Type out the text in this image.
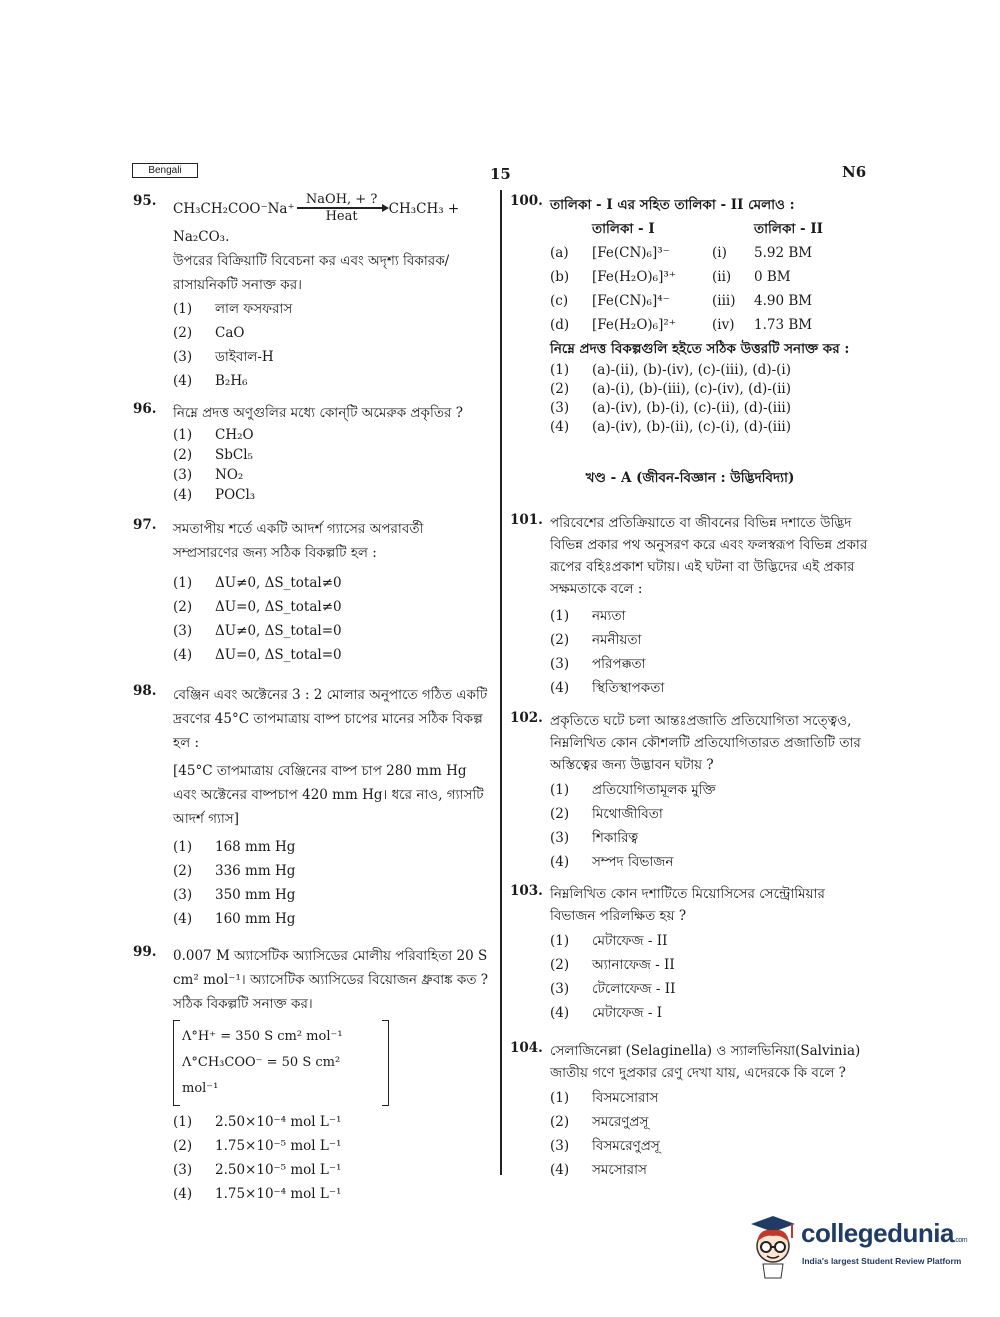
Bengali	15	N6
95. CH₃CH₂COO⁻Na⁺
NaOH, + ?
Heat CH₃CH₃ +
Na₂CO₃.
উপরের বিক্রিয়াটি বিবেচনা কর এবং অদৃশ্য বিকারক/ রাসায়নিকটি সনাক্ত কর।
(1)	লাল ফসফরাস
(2)	CaO
(3)	ডাইবাল-H
(4)	B₂H₆
96. নিম্নে প্রদত্ত অণুগুলির মধ্যে কোন্‌টি অমেরুক প্রকৃতির ?
(1)	CH₂O
(2)	SbCl₅
(3)	NO₂
(4)	POCl₃
97. সমতাপীয় শর্তে একটি আদর্শ গ্যাসের অপরাবর্তী সম্প্রসারণের জন্য সঠিক বিকল্পটি হল :
(1)	ΔU≠0, ΔS_total≠0
(2)	ΔU=0, ΔS_total≠0
(3)	ΔU≠0, ΔS_total=0
(4)	ΔU=0, ΔS_total=0
98. বেঞ্জিন এবং অক্টেনের 3 : 2 মোলার অনুপাতে গঠিত একটি দ্রবণের 45°C তাপমাত্রায় বাষ্প চাপের মানের সঠিক বিকল্প হল :
[45°C তাপমাত্রায় বেঞ্জিনের বাষ্প চাপ 280 mm Hg এবং অক্টেনের বাষ্পচাপ 420 mm Hg। ধরে নাও, গ্যাসটি আদর্শ গ্যাস]
(1)	168 mm Hg
(2)	336 mm Hg
(3)	350 mm Hg
(4)	160 mm Hg
99. 0.007 M অ্যাসেটিক অ্যাসিডের মোলীয় পরিবাহিতা 20 S cm² mol⁻¹। অ্যাসেটিক অ্যাসিডের বিয়োজন ধ্রুবাঙ্ক কত ? সঠিক বিকল্পটি সনাক্ত কর।
Λ°H⁺ = 350 S cm² mol⁻¹
Λ°CH₃COO⁻ = 50 S cm² mol⁻¹
(1)	2.50×10⁻⁴ mol L⁻¹
(2)	1.75×10⁻⁵ mol L⁻¹
(3)	2.50×10⁻⁵ mol L⁻¹
(4)	1.75×10⁻⁴ mol L⁻¹
100. তালিকা - I এর সহিত তালিকা - II মেলাও :
তালিকা - I	তালিকা - II
(a)	[Fe(CN)₆]³⁻	(i)	5.92 BM
(b)	[Fe(H₂O)₆]³⁺	(ii)	0 BM
(c)	[Fe(CN)₆]⁴⁻	(iii)	4.90 BM
(d)	[Fe(H₂O)₆]²⁺	(iv)	1.73 BM
নিম্নে প্রদত্ত বিকল্পগুলি হইতে সঠিক উত্তরটি সনাক্ত কর :
(1)	(a)-(ii), (b)-(iv), (c)-(iii), (d)-(i)
(2)	(a)-(i), (b)-(iii), (c)-(iv), (d)-(ii)
(3)	(a)-(iv), (b)-(i), (c)-(ii), (d)-(iii)
(4)	(a)-(iv), (b)-(ii), (c)-(i), (d)-(iii)
খণ্ড - A (জীবন-বিজ্ঞান : উদ্ভিদবিদ্যা)
101. পরিবেশের প্রতিক্রিয়াতে বা জীবনের বিভিন্ন দশাতে উদ্ভিদ বিভিন্ন প্রকার পথ অনুসরণ করে এবং ফলস্বরূপ বিভিন্ন প্রকার রূপের বহিঃপ্রকাশ ঘটায়। এই ঘটনা বা উদ্ভিদের এই প্রকার সক্ষমতাকে বলে :
(1)	নম্যতা
(2)	নমনীয়তা
(3)	পরিপক্কতা
(4)	স্থিতিস্থাপকতা
102. প্রকৃতিতে ঘটে চলা আন্তঃপ্রজাতি প্রতিযোগিতা সত্ত্বেও, নিম্নলিখিত কোন কৌশলটি প্রতিযোগিতারত প্রজাতিটি তার অস্তিত্বের জন্য উদ্ভাবন ঘটায় ?
(1)	প্রতিযোগিতামূলক মুক্তি
(2)	মিথোজীবিতা
(3)	শিকারিত্ব
(4)	সম্পদ বিভাজন
103. নিম্নলিখিত কোন দশাটিতে মিয়োসিসের সেন্ট্রোমিয়ার বিভাজন পরিলক্ষিত হয় ?
(1)	মেটাফেজ - II
(2)	অ্যানাফেজ - II
(3)	টেলোফেজ - II
(4)	মেটাফেজ - I
104. সেলাজিনেল্লা (Selaginella) ও স্যালভিনিয়া(Salvinia) জাতীয় গণে দুপ্রকার রেণু দেখা যায়, এদেরকে কি বলে ?
(1)	বিসমসোরাস
(2)	সমরেণুপ্রসূ
(3)	বিসমরেণুপ্রসূ
(4)	সমসোরাস
collegedunia.com
India's largest Student Review Platform
